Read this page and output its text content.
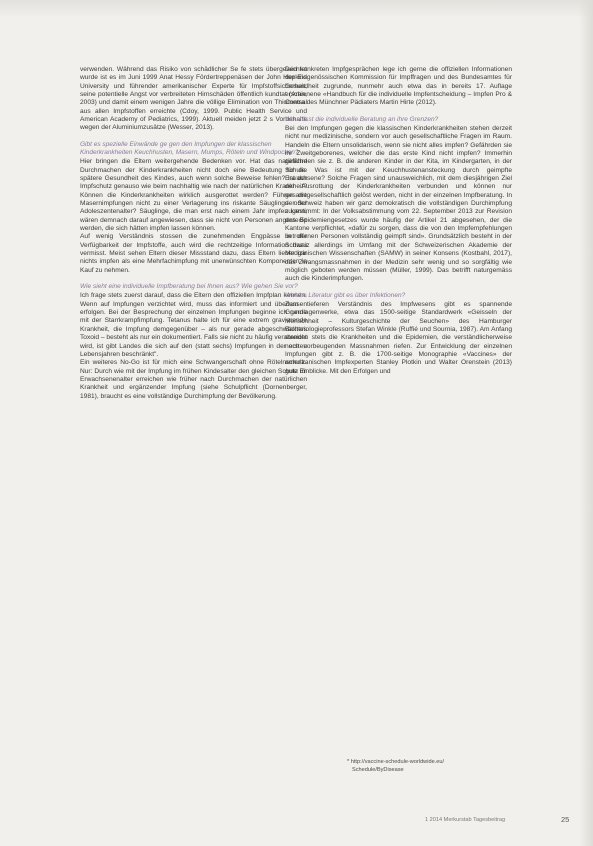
verwenden. Während das Risiko von schädlicher Se fe stets übergewichtet wurde ist es im Juni 1999 Anat Hessy Fördertreppenäsen der John Hopkins University und führender amerikanischer Experte für Impfstoffsicherheit, seine potentielle Angst vor verbreiteten Hirnschäden öffentlich kundtat (Aran, 2003) und damit einem wenigen Jahre die völlige Elimination von Thiomersal aus allen Impfstoffen erreichte (Cdoy, 1999. Public Health Service und American Academy of Pediatrics, 1999). Aktuell meiden jetzt 2 s Vorbehalte wegen der Aluminiumzusätze (Wesser, 2013).

Gibt es spezielle Einwände ge gen den Impfungen der klassischen Kinderkrankheiten Keuchhusten, Masern, Mumps, Röteln und Windpocken?

Hier bringen die Eltern weitergehende Bedenken vor. Hat das natürliche Durchmachen der Kinderkrankheiten nicht doch eine Bedeutung für die spätere Gesundheit des Kindes, auch wenn solche Beweise fehlen? Ist der Impfschutz genauso wie beim nachhaltig wie nach der natürlichen Krankheit? Können die Kinderkrankheiten wirklich ausgerottet werden? Führen die Masernimpfungen nicht zu einer Verlagerung ins riskante Säuglings- oder Adoleszentenalter? Säuglinge, die man erst nach einem Jahr impfen kann, wären demnach darauf angewiesen, dass sie nicht von Personen angesteckt werden, die sich hätten impfen lassen können.

Auf wenig Verständnis stossen die zunehmenden Engpässe in der Verfügbarkeit der Impfstoffe, auch wird die rechtzeitige Information dazu vermisst. Meist sehen Eltern dieser Missstand dazu, dass Eltern lieber gar nichts impfen als eine Mehrfachimpfung mit unerwünschten Komponenten in Kauf zu nehmen.

Wie sieht eine individuelle Impfberatung bei Ihnen aus? Wie gehen Sie vor?

Ich frage stets zuerst darauf, dass die Eltern den offiziellen Impfplan kennen. Wenn auf Impfungen verzichtet wird, muss das informiert und überlassen erfolgen. Bei der Besprechung der einzelnen Impfungen beginne ich gerne mit der Starrkrampfimpfung. Tetanus halte ich für eine extrem gravierende Krankheit, die Impfung demgegenüber – als nur gerade abgeschwächtes Toxoid – besteht als nur ein dokumentiert. Falls sie nicht zu häufig verabreicht wird, ist gibt Landes die sich auf den (statt sechs) Impfungen in der ersten Lebensjahren beschränkt".

Ein weiteres No-Go ist für mich eine Schwangerschaft ohne Rötelnschutz. Nur: Durch wie mit der Impfung im frühen Kindesalter den gleichen Schutz im Erwachsenenalter erreichen wie früher nach Durchmachen der natürlichen Krankheit und ergänzender Impfung (siehe Schulpflicht (Dornenberger, 1981), braucht es eine vollständige Durchimpfung der Bevölkerung.

Den konkreten Impfgesprächen lege ich gerne die offiziellen Informationen der Eidgenössischen Kommission für Impffragen und des Bundesamtes für Gesundheit zugrunde, nunmehr auch etwa das in bereits 17. Auflage erschienene «Handbuch für die individuelle Impfentscheidung – Impfen Pro & Contra des Münchner Pädiaters Martin Hirte (2012).

Wo stösst die individuelle Beratung an ihre Grenzen?

Bei den Impfungen gegen die klassischen Kinderkrankheiten stehen derzeit nicht nur medizinische, sondern vor auch gesellschaftliche Fragen im Raum. Handeln die Eltern unsolidarisch, wenn sie nicht alles impfen? Gefährden sie ihr Zweitgeborenes, welcher die das erste Kind nicht impfen? Immerhin gefährden sie z. B. die anderen Kinder in der Kita, im Kindergarten, in der Schule. Was ist mit der Keuchhustenansteckung durch geimpfte Erwachsene? Solche Fragen sind unausweichlich, mit dem diesjährigen Ziel der Ausrottung der Kinderkrankheiten verbunden und können nur gesamtgesellschaftlich gelöst werden, nicht in der einzelnen Impfberatung. In der Schweiz haben wir ganz demokratisch die vollständigen Durchimpfung zugestimmt: In der Volksabstimmung vom 22. September 2013 zur Revision des Epidemiengesetzes wurde häufig der Artikel 21 abgesehen, der die Kantone verpflichtet, «dafür zu sorgen, dass die von den Impfempfehlungen betroffenen Personen vollständig geimpft sind». Grundsätzlich besteht in der Schweiz allerdings im Umfang mit der Schweizerischen Akademie der Medizinischen Wissenschaften (SAMW) in seiner Konsens (Kostbahl, 2017), das Zwangsmassnahmen in der Medizin sehr wenig und so sorgfältig wie möglich geboten werden müssen (Müller, 1999). Das betrifft naturgemäss auch die Kinderimpfungen.

Welche Literatur gibt es über Infektionen?

Zum tieferen Verständnis des Impfwesens gibt es spannende Grundlagenwerke, etwa das 1500-seitige Standardwerk «Geisseln der Menschheit – Kulturgeschichte der Seuchen» des Hamburger Bakteriologieprofessors Stefan Winkle (Ruffié und Sournia, 1987). Am Anfang standen stets die Krankheiten und die Epidemien, die verständlicherweise noch vorbeugenden Massnahmen riefen. Zur Entwicklung der einzelnen Impfungen gibt z. B. die 1700-seitige Monographie «Vaccines» der amerikanischen Impfexperten Stanley Plotkin und Walter Orenstein (2013) gute Einblicke. Mit den Erfolgen und

* http://vaccine-schedule-worldwide.eu/
Schedule/ByDisease
1 2014 Merkurstab Tagesbeitrag	25
